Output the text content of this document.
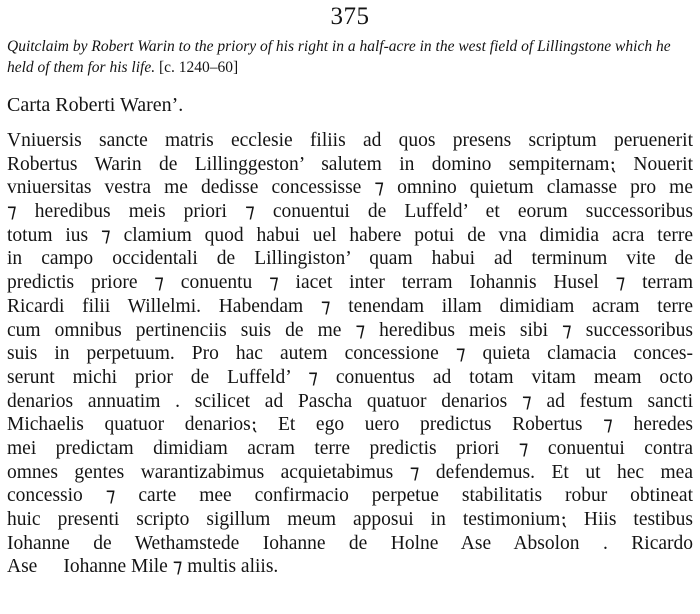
375
Quitclaim by Robert Warin to the priory of his right in a half-acre in the west field of Lillingstone which he held of them for his life. [c. 1240–60]
Carta Roberti Waren’.
Vniuersis sancte matris ecclesie filiis ad quos presens scriptum peruenerit
Robertus Warin de Lillinggeston’ salutem in domino sempiternam⁏ Nouerit
vniuersitas vestra me dedisse concessisse ⁊ omnino quietum clamasse pro me
⁊ heredibus meis priori ⁊ conuentui de Luffeld’ et eorum successoribus
totum ius ⁊ clamium quod habui uel habere potui de vna dimidia acra terre
in campo occidentali de Lillingiston’ quam habui ad terminum vite de
predictis priore ⁊ conuentu ⁊ iacet inter terram Iohannis Husel ⁊ terram
Ricardi filii Willelmi. Habendam ⁊ tenendam illam dimidiam acram terre
cum omnibus pertinenciis suis de me ⁊ heredibus meis sibi ⁊ successoribus
suis in perpetuum. Pro hac autem concessione ⁊ quieta clamacia conces-
serunt michi prior de Luffeld’ ⁊ conuentus ad totam vitam meam octo
denarios annuatim . scilicet ad Pascha quatuor denarios ⁊ ad festum sancti
Michaelis quatuor denarios⁏ Et ego uero predictus Robertus ⁊ heredes
mei predictam dimidiam acram terre predictis priori ⁊ conuentui contra
omnes gentes warantizabimus acquietabimus ⁊ defendemus. Et ut hec mea
concessio ⁊ carte mee confirmacio perpetue stabilitatis robur obtineat
huic presenti scripto sigillum meum apposui in testimonium⁏ Hiis testibus
Iohanne de Wethamstede Iohanne de Holne Ase Absolon . Ricardo
Ase Iohanne Mile ⁊ multis aliis.
